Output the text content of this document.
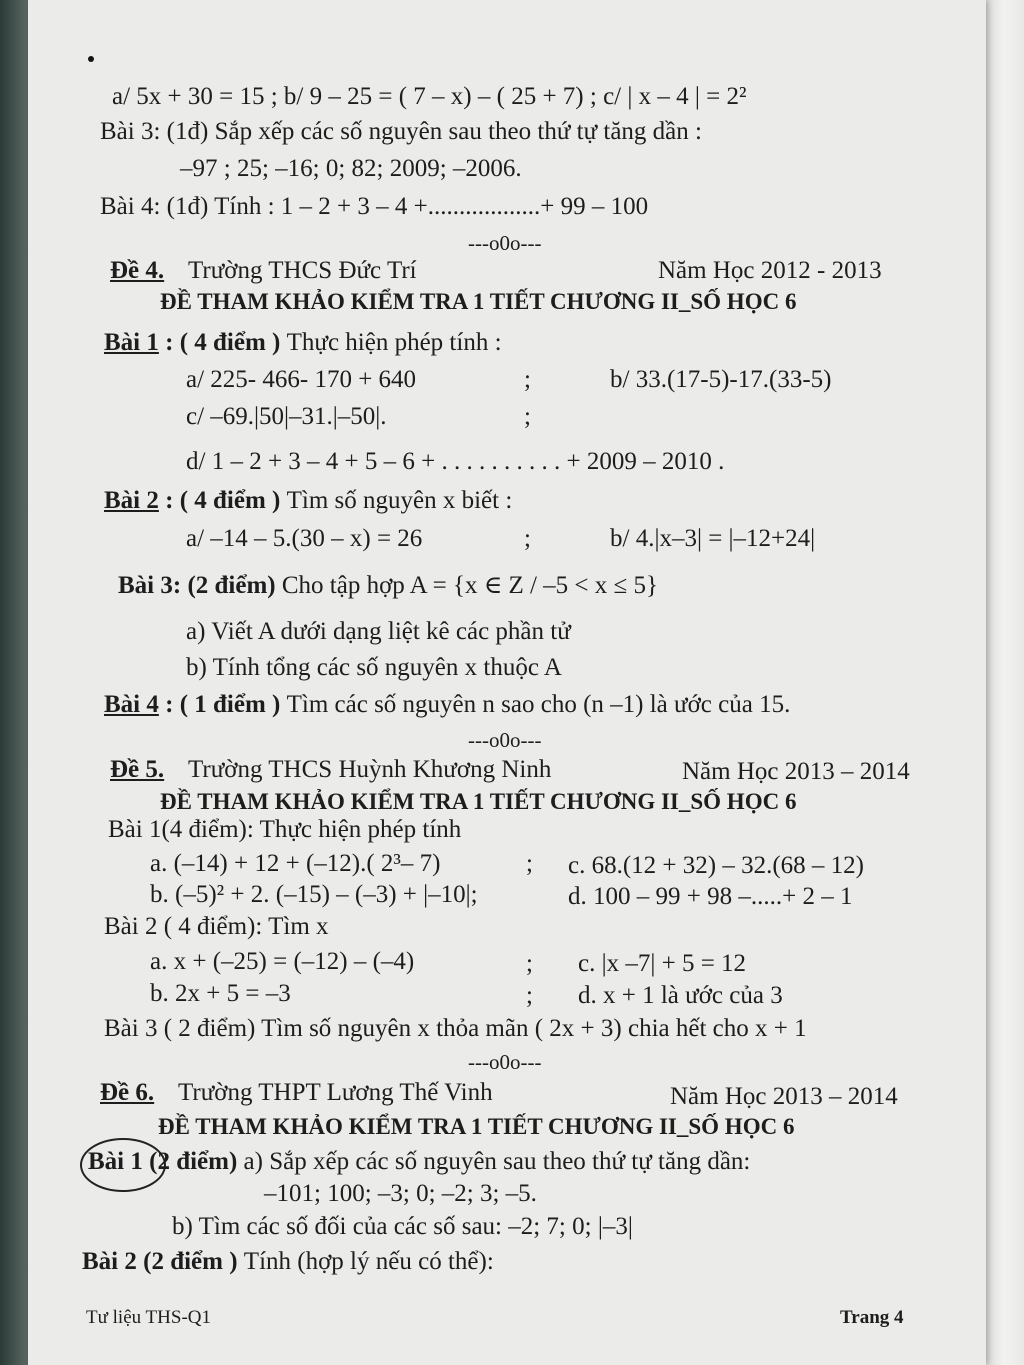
a/ 5x + 30 = 15 ; b/ 9 – 25 = ( 7 – x) – ( 25 + 7) ; c/ | x – 4 | = 2²
Bài 3: (1đ) Sắp xếp các số nguyên sau theo thứ tự tăng dần :
–97 ; 25; –16; 0; 82; 2009; –2006.
Bài 4: (1đ) Tính : 1 – 2 + 3 – 4 +..................+ 99 – 100
---o0o---
Đề 4. Trường THCS Đức Trí	Năm Học 2012 - 2013
ĐỀ THAM KHẢO KIỂM TRA 1 TIẾT CHƯƠNG II_SỐ HỌC 6
Bài 1 : ( 4 điểm ) Thực hiện phép tính :
a/ 225- 466- 170 + 640	;	b/ 33.(17-5)-17.(33-5)
c/ –69.|50|–31.|–50|.	;
d/ 1 – 2 + 3 – 4 + 5 – 6 + . . . . . . . . . . + 2009 – 2010 .
Bài 2 : ( 4 điểm ) Tìm số nguyên x biết :
a/ –14 – 5.(30 – x) = 26	;	b/ 4.|x–3| = |–12+24|
Bài 3: (2 điểm) Cho tập hợp A = {x ∈ Z / –5 < x ≤ 5}
a) Viết A dưới dạng liệt kê các phần tử
b) Tính tổng các số nguyên x thuộc A
Bài 4 : ( 1 điểm ) Tìm các số nguyên n sao cho (n –1) là ước của 15.
---o0o---
Đề 5. Trường THCS Huỳnh Khương Ninh	Năm Học 2013 – 2014
ĐỀ THAM KHẢO KIỂM TRA 1 TIẾT CHƯƠNG II_SỐ HỌC 6
Bài 1(4 điểm): Thực hiện phép tính
a. (–14) + 12 + (–12).( 2³– 7)	; c. 68.(12 + 32) – 32.(68 – 12)
b. (–5)² + 2. (–15) – (–3) + |–10|;	d. 100 – 99 + 98 –.....+ 2 – 1
Bài 2 ( 4 điểm): Tìm x
a. x + (–25) = (–12) – (–4)	; c. |x –7| + 5 = 12
b. 2x + 5 = –3	; d. x + 1 là ước của 3
Bài 3 ( 2 điểm) Tìm số nguyên x thỏa mãn ( 2x + 3) chia hết cho x + 1
---o0o---
Đề 6. Trường THPT Lương Thế Vinh	Năm Học 2013 – 2014
ĐỀ THAM KHẢO KIỂM TRA 1 TIẾT CHƯƠNG II_SỐ HỌC 6
Bài 1 (2 điểm) a) Sắp xếp các số nguyên sau theo thứ tự tăng dần:
–101; 100; –3; 0; –2; 3; –5.
b) Tìm các số đối của các số sau: –2; 7; 0; |–3|
Bài 2 (2 điểm ) Tính (hợp lý nếu có thể):
Tư liệu THS-Q1	Trang 4
